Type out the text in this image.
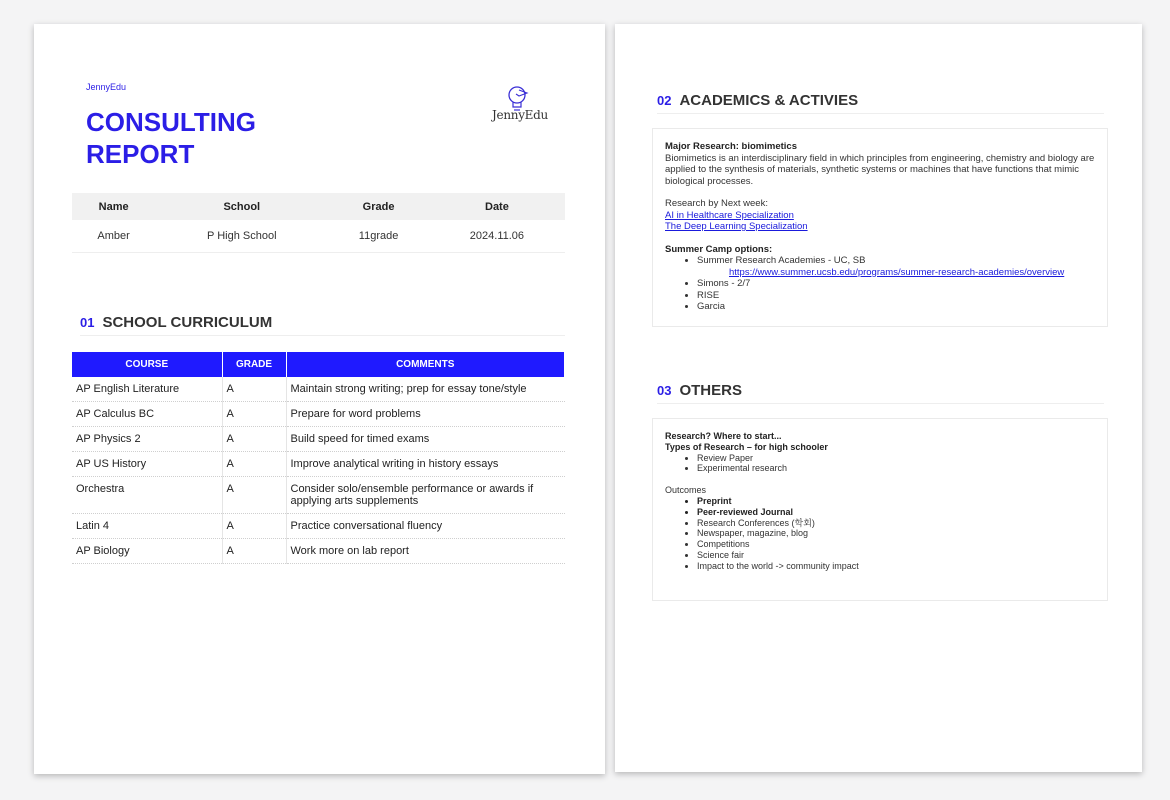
JennyEdu
CONSULTING
REPORT
JennyEdu
Name	School	Grade	Date
Amber	P High School	11grade	2024.11.06
01 SCHOOL CURRICULUM
COURSE	GRADE	COMMENTS
AP English Literature	A	Maintain strong writing; prep for essay tone/style
AP Calculus BC	A	Prepare for word problems
AP Physics 2	A	Build speed for timed exams
AP US History	A	Improve analytical writing in history essays
Orchestra	A	Consider solo/ensemble performance or awards if applying arts supplements
Latin 4	A	Practice conversational fluency
AP Biology	A	Work more on lab report
02 ACADEMICS & ACTIVIES
Major Research: biomimetics
Biomimetics is an interdisciplinary field in which principles from engineering, chemistry and biology are applied to the synthesis of materials, synthetic systems or machines that have functions that mimic biological processes.
Research by Next week:
AI in Healthcare Specialization
The Deep Learning Specialization
Summer Camp options:
• Summer Research Academies - UC, SB
https://www.summer.ucsb.edu/programs/summer-research-academies/overview
• Simons - 2/7
• RISE
• Garcia
03 OTHERS
Research? Where to start...
Types of Research – for high schooler
• Review Paper
• Experimental research
Outcomes
• Preprint
• Peer-reviewed Journal
• Research Conferences (학회)
• Newspaper, magazine, blog
• Competitions
• Science fair
• Impact to the world -> community impact
